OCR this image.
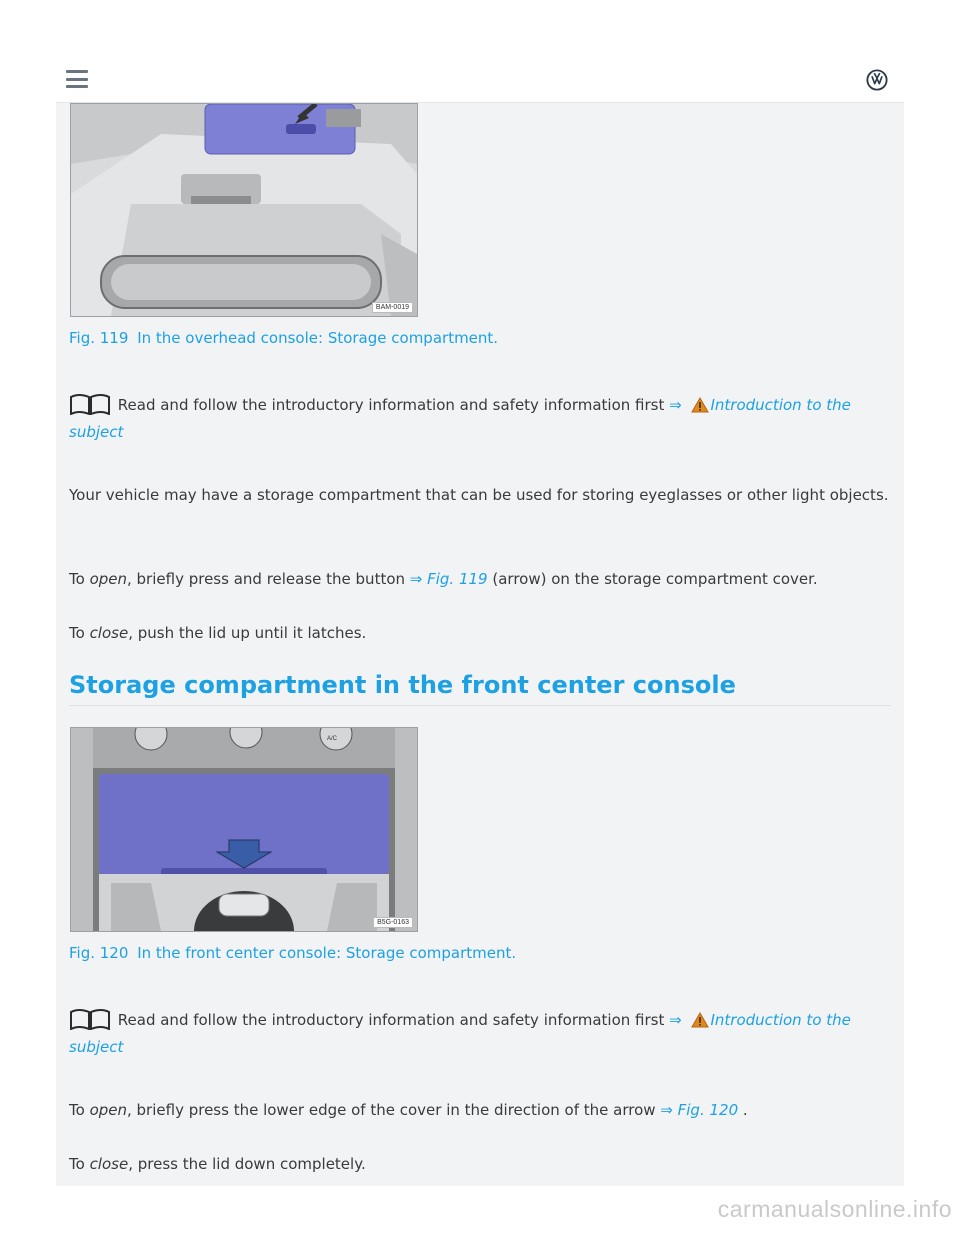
BAM-0019
Fig. 119 In the overhead console: Storage compartment.
Read and follow the introductory information and safety information first ⇒ Introduction to the subject
Your vehicle may have a storage compartment that can be used for storing eyeglasses or other light objects.
To open, briefly press and release the button ⇒ Fig. 119 (arrow) on the storage compartment cover.
To close, push the lid up until it latches.
Storage compartment in the front center console
A/C
B5G-0163
Fig. 120 In the front center console: Storage compartment.
Read and follow the introductory information and safety information first ⇒ Introduction to the subject
To open, briefly press the lower edge of the cover in the direction of the arrow ⇒ Fig. 120 .
To close, press the lid down completely.
carmanualsonline.info
